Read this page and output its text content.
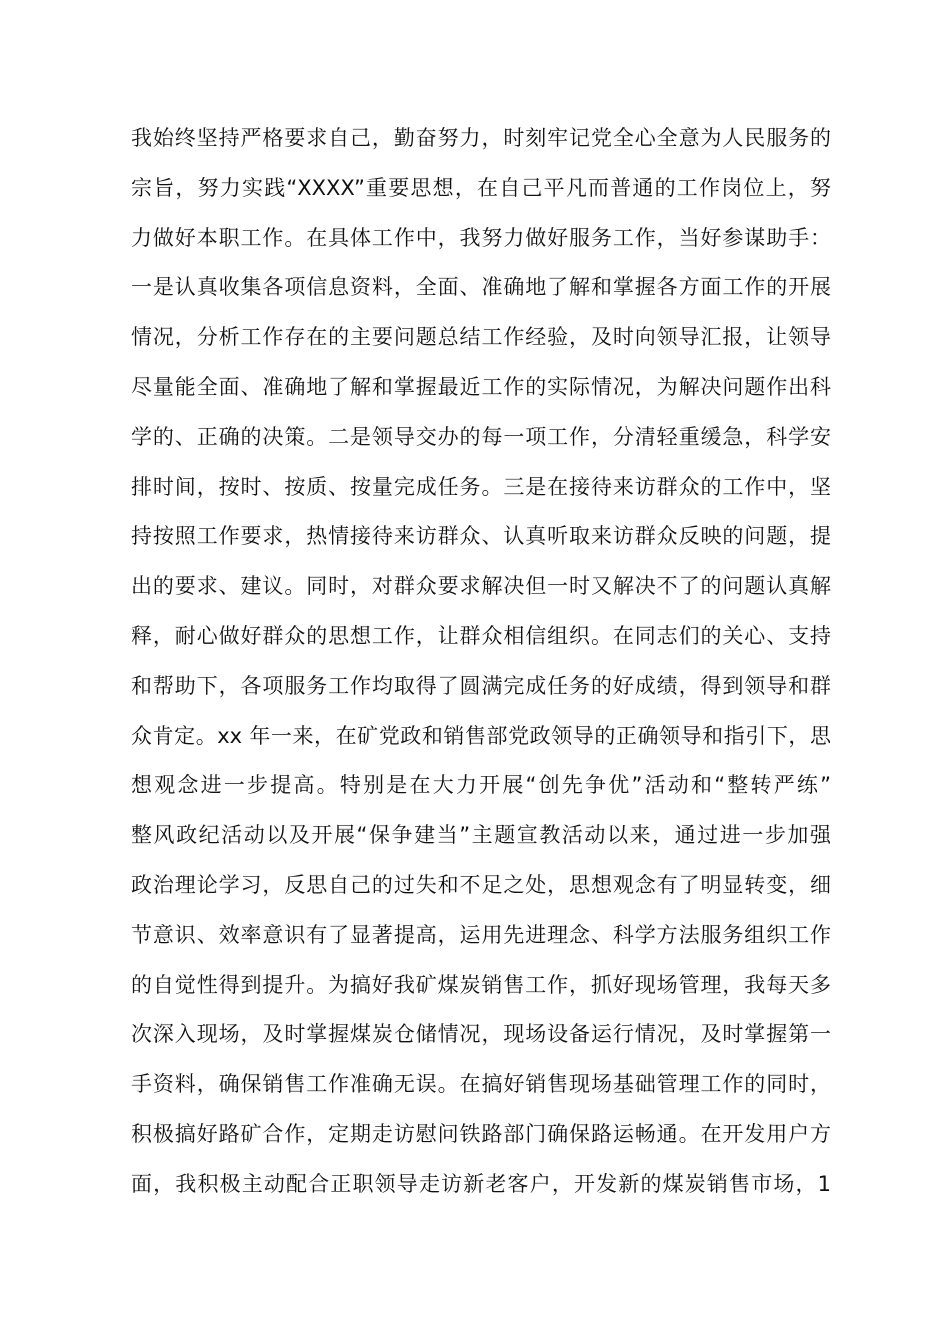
我始终坚持严格要求自己，勤奋努力，时刻牢记党全心全意为人民服务的
宗旨，努力实践“XXXX”重要思想，在自己平凡而普通的工作岗位上，努
力做好本职工作。在具体工作中，我努力做好服务工作，当好参谋助手：
一是认真收集各项信息资料，全面、准确地了解和掌握各方面工作的开展
情况，分析工作存在的主要问题总结工作经验，及时向领导汇报，让领导
尽量能全面、准确地了解和掌握最近工作的实际情况，为解决问题作出科
学的、正确的决策。二是领导交办的每一项工作，分清轻重缓急，科学安
排时间，按时、按质、按量完成任务。三是在接待来访群众的工作中，坚
持按照工作要求，热情接待来访群众、认真听取来访群众反映的问题，提
出的要求、建议。同时，对群众要求解决但一时又解决不了的问题认真解
释，耐心做好群众的思想工作，让群众相信组织。在同志们的关心、支持
和帮助下，各项服务工作均取得了圆满完成任务的好成绩，得到领导和群
众肯定。xx 年一来，在矿党政和销售部党政领导的正确领导和指引下，思
想观念进一步提高。特别是在大力开展“创先争优”活动和“整转严练”
整风政纪活动以及开展“保争建当”主题宣教活动以来，通过进一步加强
政治理论学习，反思自己的过失和不足之处，思想观念有了明显转变，细
节意识、效率意识有了显著提高，运用先进理念、科学方法服务组织工作
的自觉性得到提升。为搞好我矿煤炭销售工作，抓好现场管理，我每天多
次深入现场，及时掌握煤炭仓储情况，现场设备运行情况，及时掌握第一
手资料，确保销售工作准确无误。在搞好销售现场基础管理工作的同时，
积极搞好路矿合作，定期走访慰问铁路部门确保路运畅通。在开发用户方
面，我积极主动配合正职领导走访新老客户，开发新的煤炭销售市场，1
